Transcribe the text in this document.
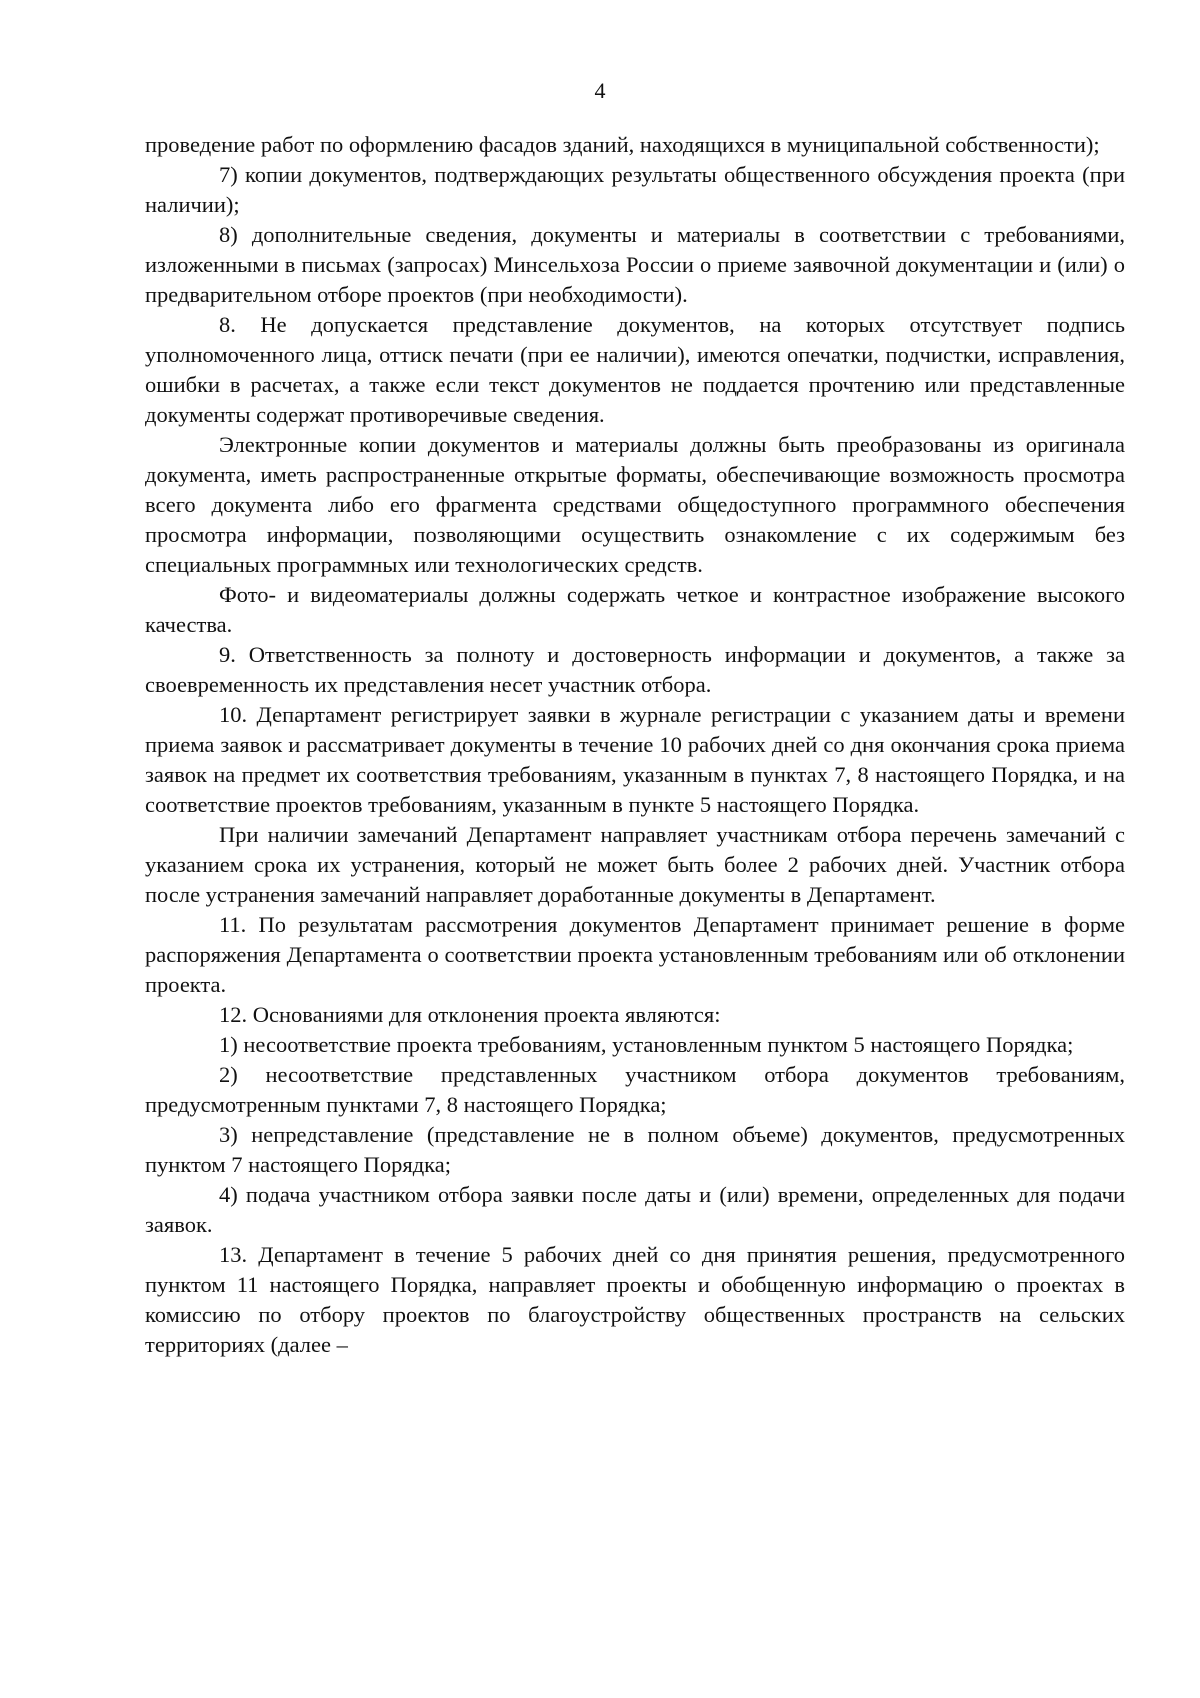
4

проведение работ по оформлению фасадов зданий, находящихся в муниципальной собственности);

7) копии документов, подтверждающих результаты общественного обсуждения проекта (при наличии);

8) дополнительные сведения, документы и материалы в соответствии с требованиями, изложенными в письмах (запросах) Минсельхоза России о приеме заявочной документации и (или) о предварительном отборе проектов (при необходимости).

8. Не допускается представление документов, на которых отсутствует подпись уполномоченного лица, оттиск печати (при ее наличии), имеются опечатки, подчистки, исправления, ошибки в расчетах, а также если текст документов не поддается прочтению или представленные документы содержат противоречивые сведения.

Электронные копии документов и материалы должны быть преобразованы из оригинала документа, иметь распространенные открытые форматы, обеспечивающие возможность просмотра всего документа либо его фрагмента средствами общедоступного программного обеспечения просмотра информации, позволяющими осуществить ознакомление с их содержимым без специальных программных или технологических средств.

Фото- и видеоматериалы должны содержать четкое и контрастное изображение высокого качества.

9. Ответственность за полноту и достоверность информации и документов, а также за своевременность их представления несет участник отбора.

10. Департамент регистрирует заявки в журнале регистрации с указанием даты и времени приема заявок и рассматривает документы в течение 10 рабочих дней со дня окончания срока приема заявок на предмет их соответствия требованиям, указанным в пунктах 7, 8 настоящего Порядка, и на соответствие проектов требованиям, указанным в пункте 5 настоящего Порядка.

При наличии замечаний Департамент направляет участникам отбора перечень замечаний с указанием срока их устранения, который не может быть более 2 рабочих дней. Участник отбора после устранения замечаний направляет доработанные документы в Департамент.

11. По результатам рассмотрения документов Департамент принимает решение в форме распоряжения Департамента о соответствии проекта установленным требованиям или об отклонении проекта.

12. Основаниями для отклонения проекта являются:

1) несоответствие проекта требованиям, установленным пунктом 5 настоящего Порядка;

2) несоответствие представленных участником отбора документов требованиям, предусмотренным пунктами 7, 8 настоящего Порядка;

3) непредставление (представление не в полном объеме) документов, предусмотренных пунктом 7 настоящего Порядка;

4) подача участником отбора заявки после даты и (или) времени, определенных для подачи заявок.

13. Департамент в течение 5 рабочих дней со дня принятия решения, предусмотренного пунктом 11 настоящего Порядка, направляет проекты и обобщенную информацию о проектах в комиссию по отбору проектов по благоустройству общественных пространств на сельских территориях (далее –
